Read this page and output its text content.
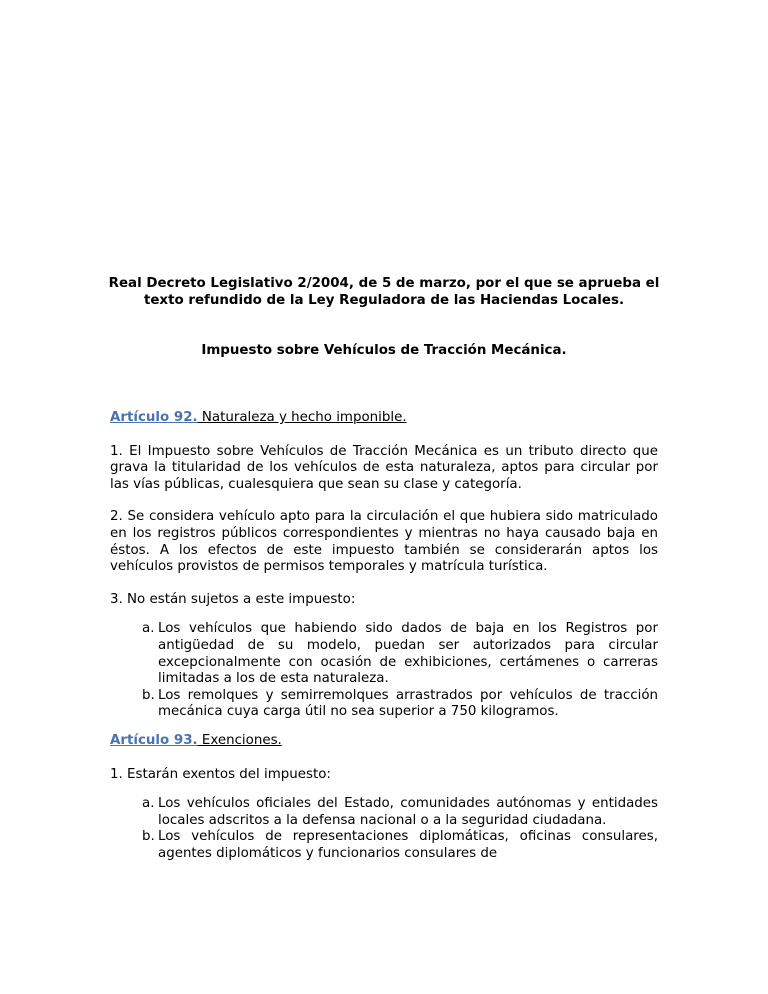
Real Decreto Legislativo 2/2004, de 5 de marzo, por el que se aprueba el texto refundido de la Ley Reguladora de las Haciendas Locales.

Impuesto sobre Vehículos de Tracción Mecánica.

Artículo 92. Naturaleza y hecho imponible.

1. El Impuesto sobre Vehículos de Tracción Mecánica es un tributo directo que grava la titularidad de los vehículos de esta naturaleza, aptos para circular por las vías públicas, cualesquiera que sean su clase y categoría.

2. Se considera vehículo apto para la circulación el que hubiera sido matriculado en los registros públicos correspondientes y mientras no haya causado baja en éstos. A los efectos de este impuesto también se considerarán aptos los vehículos provistos de permisos temporales y matrícula turística.

3. No están sujetos a este impuesto:

a. Los vehículos que habiendo sido dados de baja en los Registros por antigüedad de su modelo, puedan ser autorizados para circular excepcionalmente con ocasión de exhibiciones, certámenes o carreras limitadas a los de esta naturaleza.
b. Los remolques y semirremolques arrastrados por vehículos de tracción mecánica cuya carga útil no sea superior a 750 kilogramos.
Artículo 93. Exenciones.

1. Estarán exentos del impuesto:

a. Los vehículos oficiales del Estado, comunidades autónomas y entidades locales adscritos a la defensa nacional o a la seguridad ciudadana.
b. Los vehículos de representaciones diplomáticas, oficinas consulares, agentes diplomáticos y funcionarios consulares de
